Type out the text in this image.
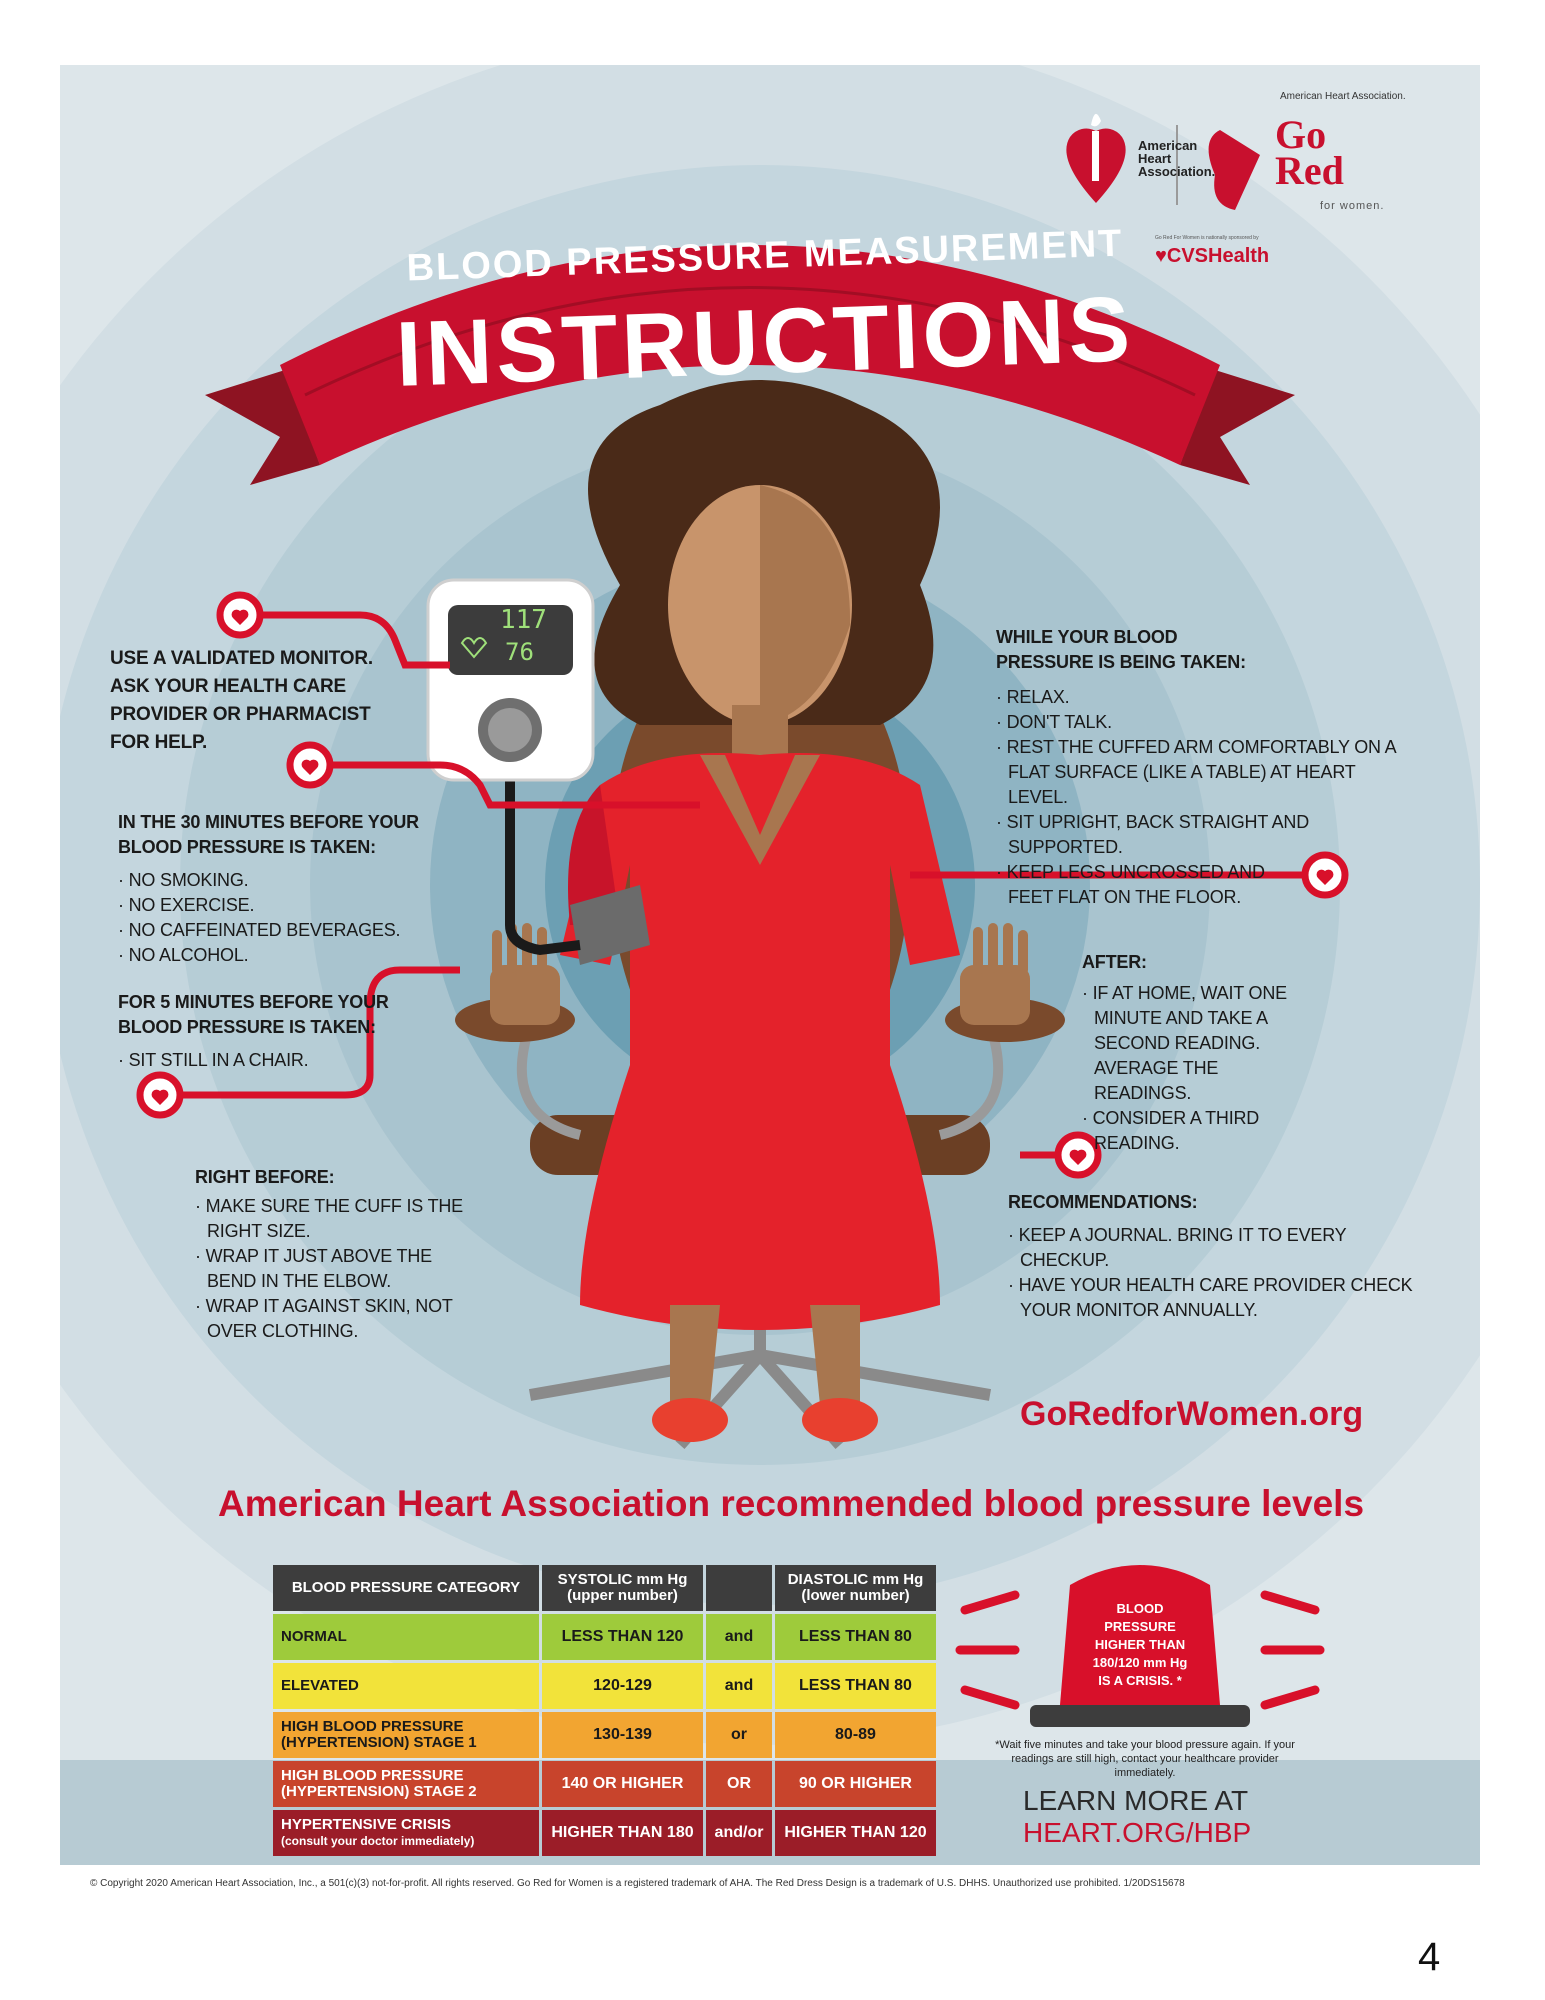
American Heart Association.
American
Heart
Association.
Go
Red
for women.
Go Red For Women is nationally sponsored by
♥CVSHealth
BLOOD PRESSURE MEASUREMENT
INSTRUCTIONS
117
76
USE A VALIDATED MONITOR. ASK YOUR HEALTH CARE PROVIDER OR PHARMACIST FOR HELP.
IN THE 30 MINUTES BEFORE YOUR BLOOD PRESSURE IS TAKEN:
· NO SMOKING.
· NO EXERCISE.
· NO CAFFEINATED BEVERAGES.
· NO ALCOHOL.
FOR 5 MINUTES BEFORE YOUR BLOOD PRESSURE IS TAKEN:
· SIT STILL IN A CHAIR.
RIGHT BEFORE:
· MAKE SURE THE CUFF IS THE RIGHT SIZE.
· WRAP IT JUST ABOVE THE BEND IN THE ELBOW.
· WRAP IT AGAINST SKIN, NOT OVER CLOTHING.
WHILE YOUR BLOOD PRESSURE IS BEING TAKEN:
· RELAX.
· DON'T TALK.
· REST THE CUFFED ARM COMFORTABLY ON A FLAT SURFACE (LIKE A TABLE) AT HEART LEVEL.
· SIT UPRIGHT, BACK STRAIGHT AND SUPPORTED.
· KEEP LEGS UNCROSSED AND FEET FLAT ON THE FLOOR.
AFTER:
· IF AT HOME, WAIT ONE MINUTE AND TAKE A SECOND READING. AVERAGE THE READINGS.
· CONSIDER A THIRD READING.
RECOMMENDATIONS:
· KEEP A JOURNAL. BRING IT TO EVERY CHECKUP.
· HAVE YOUR HEALTH CARE PROVIDER CHECK YOUR MONITOR ANNUALLY.
GoRedforWomen.org
American Heart Association recommended blood pressure levels
BLOOD PRESSURE CATEGORY	SYSTOLIC mm Hg (upper number)		DIASTOLIC mm Hg (lower number)
NORMAL	LESS THAN 120	and	LESS THAN 80
ELEVATED	120-129	and	LESS THAN 80
HIGH BLOOD PRESSURE (HYPERTENSION) STAGE 1	130-139	or	80-89
HIGH BLOOD PRESSURE (HYPERTENSION) STAGE 2	140 OR HIGHER	OR	90 OR HIGHER
HYPERTENSIVE CRISIS
(consult your doctor immediately)	HIGHER THAN 180	and/or	HIGHER THAN 120
BLOOD
PRESSURE
HIGHER THAN
180/120 mm Hg
IS A CRISIS. *
*Wait five minutes and take your blood pressure again. If your readings are still high, contact your healthcare provider immediately.
LEARN MORE AT
HEART.ORG/HBP
© Copyright 2020 American Heart Association, Inc., a 501(c)(3) not-for-profit. All rights reserved. Go Red for Women is a registered trademark of AHA. The Red Dress Design is a trademark of U.S. DHHS. Unauthorized use prohibited. 1/20DS15678
4
